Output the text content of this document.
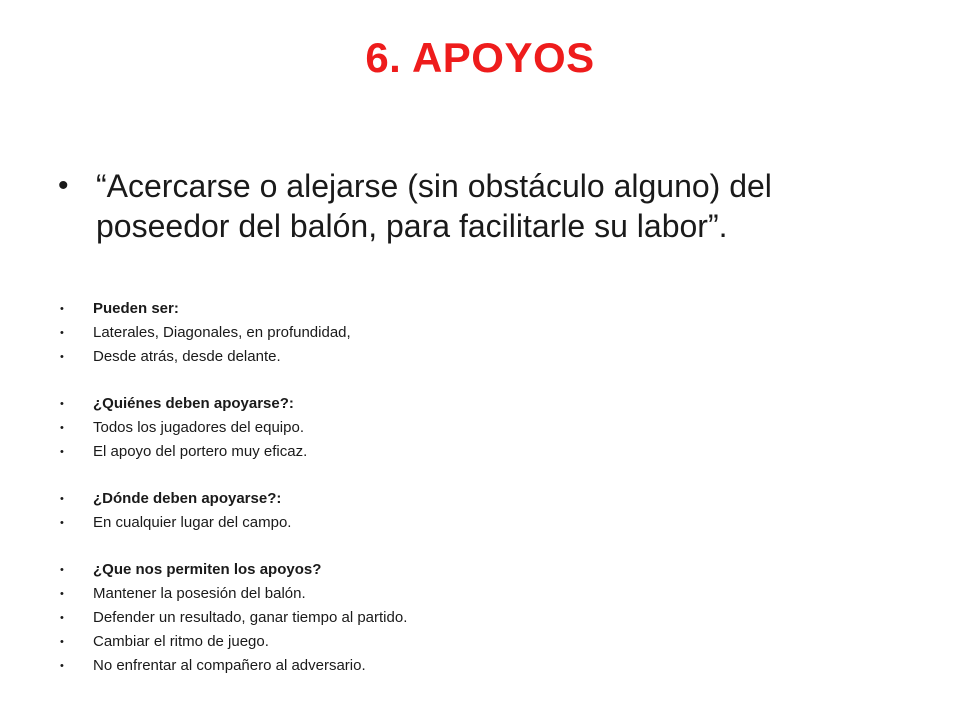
6. APOYOS
• “Acercarse o alejarse (sin obstáculo alguno) del poseedor del balón, para facilitarle su labor”.
•	Pueden ser:
•	Laterales, Diagonales, en profundidad,
•	Desde atrás, desde delante.
•	¿Quiénes deben apoyarse?:
•	Todos los jugadores del equipo.
•	El apoyo del portero muy eficaz.
•	¿Dónde deben apoyarse?:
•	En cualquier lugar del campo.
•	¿Que nos permiten los apoyos?
•	Mantener la posesión del balón.
•	Defender un resultado, ganar tiempo al partido.
•	Cambiar el ritmo de juego.
•	No enfrentar al compañero al adversario.
